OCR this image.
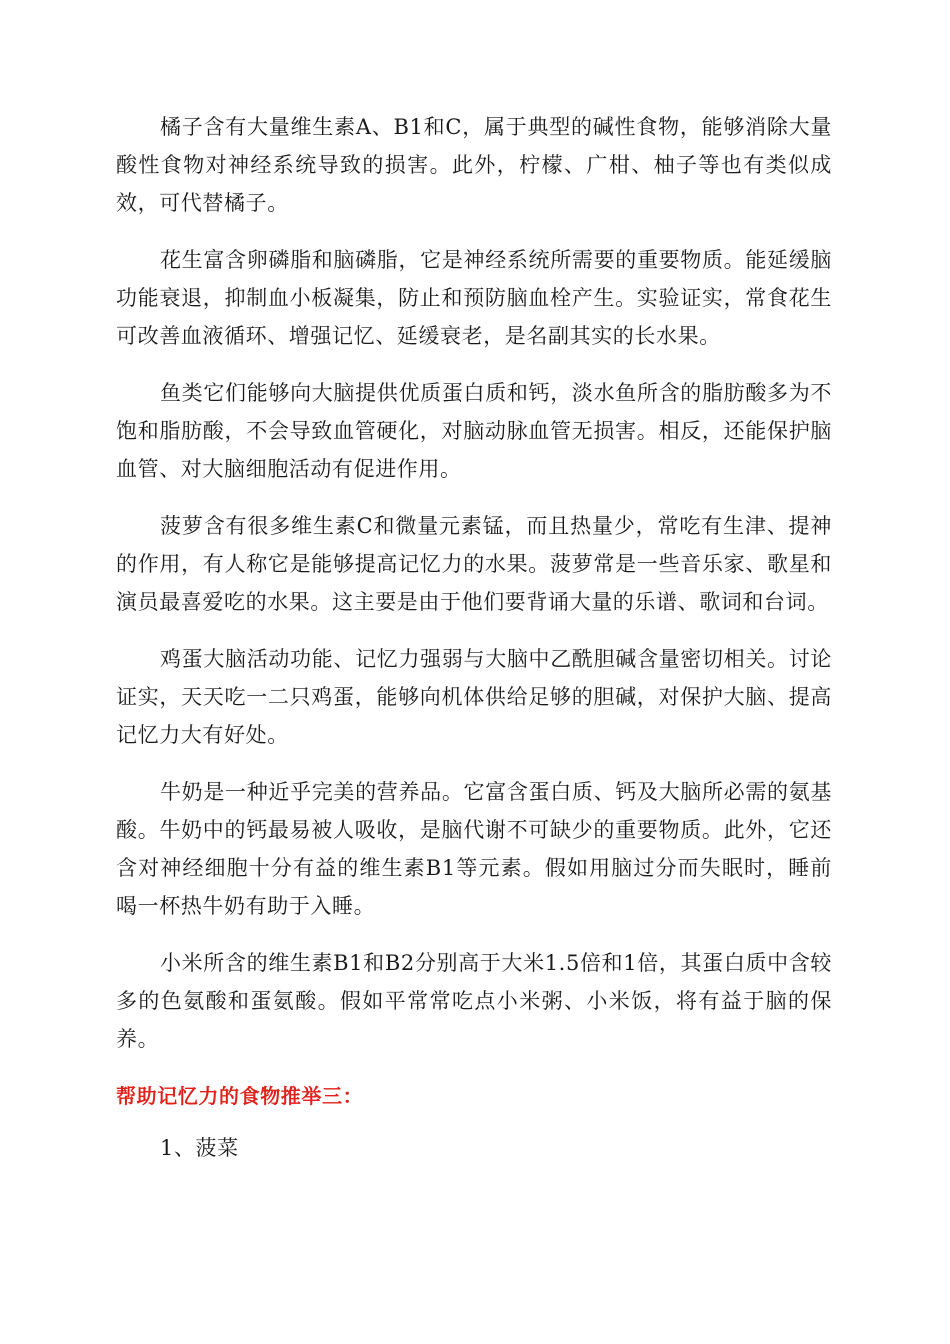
橘子含有大量维生素A、B1和C，属于典型的碱性食物，能够消除大量酸性食物对神经系统导致的损害。此外，柠檬、广柑、柚子等也有类似成效，可代替橘子。

花生富含卵磷脂和脑磷脂，它是神经系统所需要的重要物质。能延缓脑功能衰退，抑制血小板凝集，防止和预防脑血栓产生。实验证实，常食花生可改善血液循环、增强记忆、延缓衰老，是名副其实的长水果。

鱼类它们能够向大脑提供优质蛋白质和钙，淡水鱼所含的脂肪酸多为不饱和脂肪酸，不会导致血管硬化，对脑动脉血管无损害。相反，还能保护脑血管、对大脑细胞活动有促进作用。

菠萝含有很多维生素C和微量元素锰，而且热量少，常吃有生津、提神的作用，有人称它是能够提高记忆力的水果。菠萝常是一些音乐家、歌星和演员最喜爱吃的水果。这主要是由于他们要背诵大量的乐谱、歌词和台词。

鸡蛋大脑活动功能、记忆力强弱与大脑中乙酰胆碱含量密切相关。讨论证实，天天吃一二只鸡蛋，能够向机体供给足够的胆碱，对保护大脑、提高记忆力大有好处。

牛奶是一种近乎完美的营养品。它富含蛋白质、钙及大脑所必需的氨基酸。牛奶中的钙最易被人吸收，是脑代谢不可缺少的重要物质。此外，它还含对神经细胞十分有益的维生素B1等元素。假如用脑过分而失眠时，睡前喝一杯热牛奶有助于入睡。

小米所含的维生素B1和B2分别高于大米1.5倍和1倍，其蛋白质中含较多的色氨酸和蛋氨酸。假如平常常吃点小米粥、小米饭，将有益于脑的保养。

帮助记忆力的食物推举三：

1、菠菜
